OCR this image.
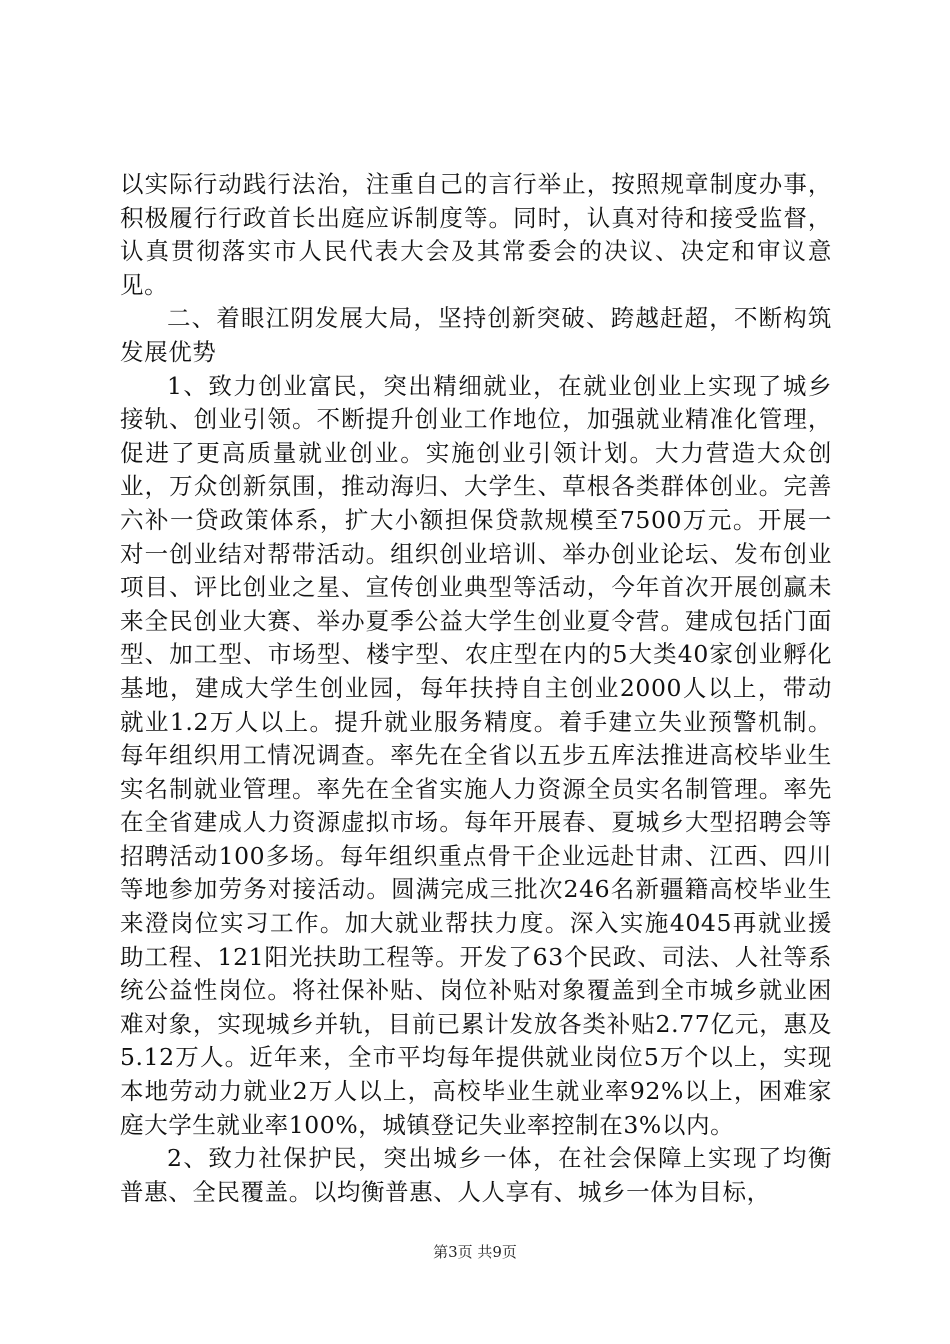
以实际行动践行法治，注重自己的言行举止，按照规章制度办事，积极履行行政首长出庭应诉制度等。同时，认真对待和接受监督，认真贯彻落实市人民代表大会及其常委会的决议、决定和审议意见。

二、着眼江阴发展大局，坚持创新突破、跨越赶超，不断构筑发展优势

1、致力创业富民，突出精细就业，在就业创业上实现了城乡接轨、创业引领。不断提升创业工作地位，加强就业精准化管理，促进了更高质量就业创业。实施创业引领计划。大力营造大众创业，万众创新氛围，推动海归、大学生、草根各类群体创业。完善六补一贷政策体系，扩大小额担保贷款规模至7500万元。开展一对一创业结对帮带活动。组织创业培训、举办创业论坛、发布创业项目、评比创业之星、宣传创业典型等活动，今年首次开展创赢未来全民创业大赛、举办夏季公益大学生创业夏令营。建成包括门面型、加工型、市场型、楼宇型、农庄型在内的5大类40家创业孵化基地，建成大学生创业园，每年扶持自主创业2000人以上，带动就业1.2万人以上。提升就业服务精度。着手建立失业预警机制。每年组织用工情况调查。率先在全省以五步五库法推进高校毕业生实名制就业管理。率先在全省实施人力资源全员实名制管理。率先在全省建成人力资源虚拟市场。每年开展春、夏城乡大型招聘会等招聘活动100多场。每年组织重点骨干企业远赴甘肃、江西、四川等地参加劳务对接活动。圆满完成三批次246名新疆籍高校毕业生来澄岗位实习工作。加大就业帮扶力度。深入实施4045再就业援助工程、121阳光扶助工程等。开发了63个民政、司法、人社等系统公益性岗位。将社保补贴、岗位补贴对象覆盖到全市城乡就业困难对象，实现城乡并轨，目前已累计发放各类补贴2.77亿元，惠及5.12万人。近年来，全市平均每年提供就业岗位5万个以上，实现本地劳动力就业2万人以上，高校毕业生就业率92%以上，困难家庭大学生就业率100%，城镇登记失业率控制在3%以内。

2、致力社保护民，突出城乡一体，在社会保障上实现了均衡普惠、全民覆盖。以均衡普惠、人人享有、城乡一体为目标，

第3页 共9页
